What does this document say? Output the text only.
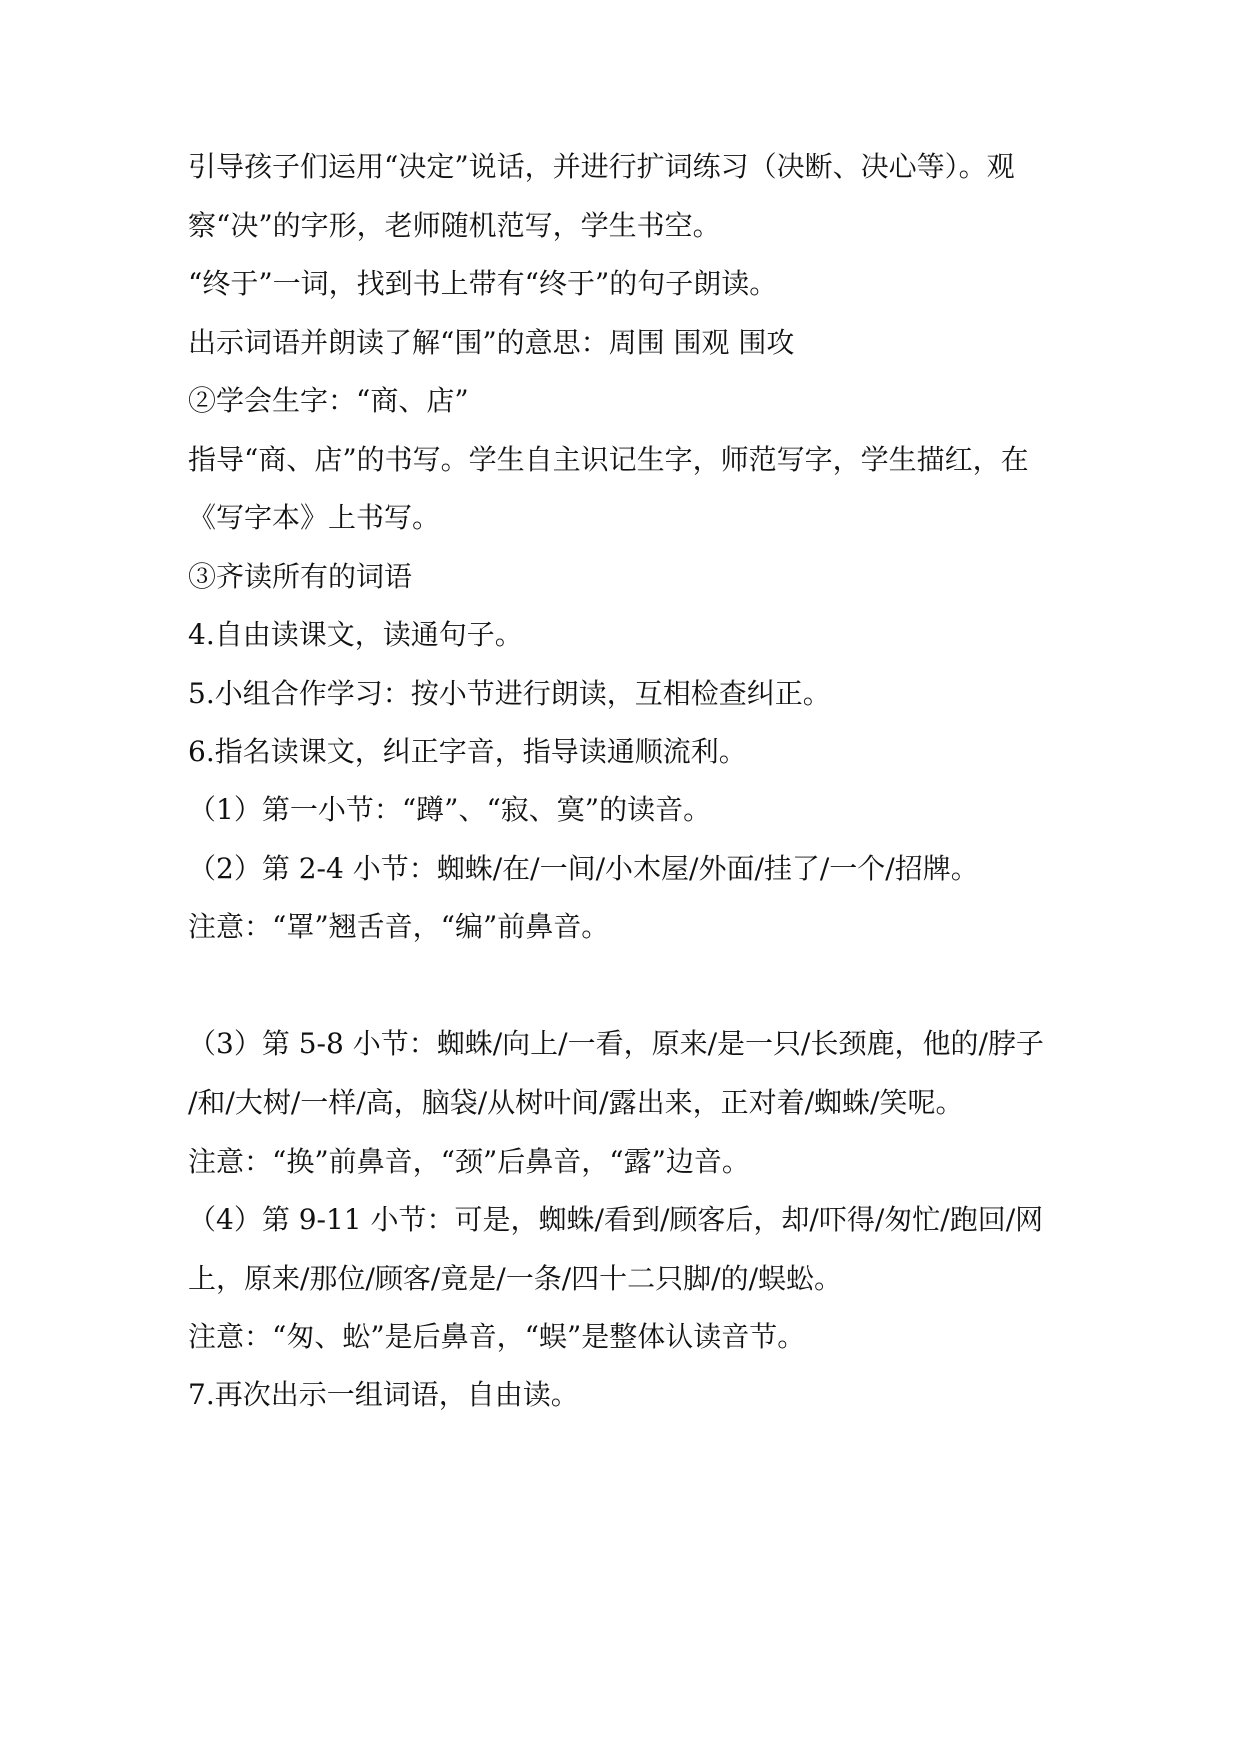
引导孩子们运用“决定”说话，并进行扩词练习（决断、决心等）。观
察“决”的字形，老师随机范写，学生书空。
“终于”一词，找到书上带有“终于”的句子朗读。
出示词语并朗读了解“围”的意思：周围 围观 围攻
②学会生字：“商、店”
指导“商、店”的书写。学生自主识记生字，师范写字，学生描红，在
《写字本》上书写。
③齐读所有的词语
4.自由读课文，读通句子。
5.小组合作学习：按小节进行朗读，互相检查纠正。
6.指名读课文，纠正字音，指导读通顺流利。
（1）第一小节：“蹲”、“寂、寞”的读音。
（2）第 2-4 小节：蜘蛛/在/一间/小木屋/外面/挂了/一个/招牌。
注意：“罩”翘舌音，“编”前鼻音。
（3）第 5-8 小节：蜘蛛/向上/一看，原来/是一只/长颈鹿，他的/脖子
/和/大树/一样/高，脑袋/从树叶间/露出来，正对着/蜘蛛/笑呢。
注意：“换”前鼻音，“颈”后鼻音，“露”边音。
（4）第 9-11 小节：可是，蜘蛛/看到/顾客后，却/吓得/匆忙/跑回/网
上，原来/那位/顾客/竟是/一条/四十二只脚/的/蜈蚣。
注意：“匆、蚣”是后鼻音，“蜈”是整体认读音节。
7.再次出示一组词语，自由读。
